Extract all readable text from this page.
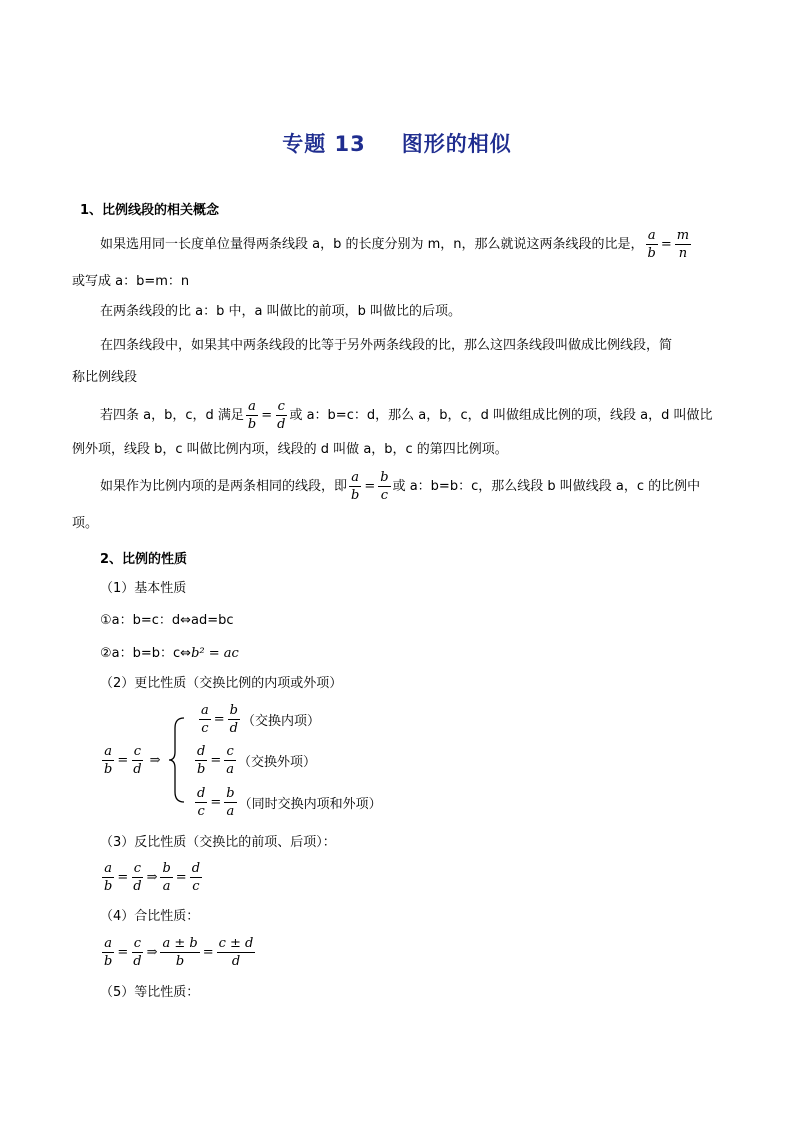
专题 13 图形的相似
1、比例线段的相关概念
如果选用同一长度单位量得两条线段 a，b 的长度分别为 m，n，那么就说这两条线段的比是， $\frac{a}{b} = \frac{m}{n}$
或写成 a：b=m：n
在两条线段的比 a：b 中，a 叫做比的前项，b 叫做比的后项。
在四条线段中，如果其中两条线段的比等于另外两条线段的比，那么这四条线段叫做成比例线段，简
称比例线段
若四条 a，b，c，d 满足 $\frac{a}{b} = \frac{c}{d}$ 或 a：b=c：d，那么 a，b，c，d 叫做组成比例的项，线段 a，d 叫做比
例外项，线段 b，c 叫做比例内项，线段的 d 叫做 a，b，c 的第四比例项。
如果作为比例内项的是两条相同的线段，即 $\frac{a}{b} = \frac{b}{c}$ 或 a：b=b：c，那么线段 b 叫做线段 a，c 的比例中
项。
2、比例的性质
（1）基本性质
①a：b=c：d⇔ad=bc
②a：b=b：c⇔b² = ac
（2）更比性质（交换比例的内项或外项）
$\frac{a}{b} = \frac{c}{d}$ ⇒
$\frac{a}{c} = \frac{b}{d}$ （交换内项）
$\frac{d}{b} = \frac{c}{a}$ （交换外项）
$\frac{d}{c} = \frac{b}{a}$ （同时交换内项和外项）
（3）反比性质（交换比的前项、后项）：
$\frac{a}{b} = \frac{c}{d}$ ⇒ $\frac{b}{a} = \frac{d}{c}$
（4）合比性质：
$\frac{a}{b} = \frac{c}{d}$ ⇒ $\frac{a \pm b}{b} = \frac{c \pm d}{d}$
（5）等比性质：
